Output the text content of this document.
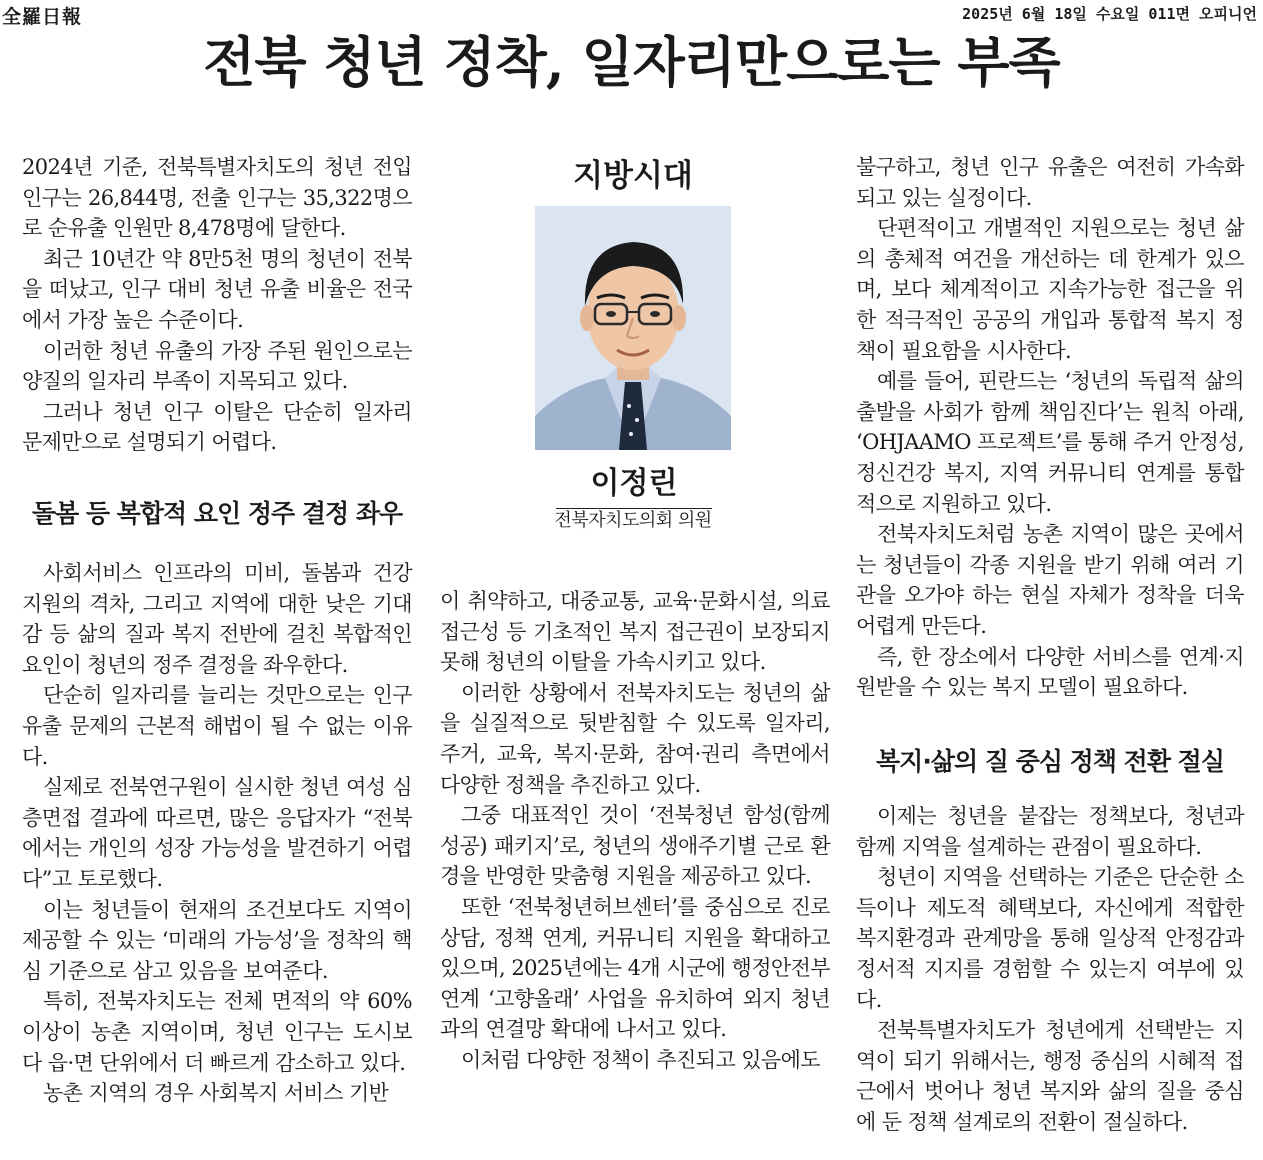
全羅日報	2025년 6월 18일 수요일 011면 오피니언
전북 청년 정착, 일자리만으로는 부족

2024년 기준, 전북특별자치도의 청년 전입 인구는 26,844명, 전출 인구는 35,322명으로 순유출 인원만 8,478명에 달한다.

최근 10년간 약 8만5천 명의 청년이 전북을 떠났고, 인구 대비 청년 유출 비율은 전국에서 가장 높은 수준이다.

이러한 청년 유출의 가장 주된 원인으로는 양질의 일자리 부족이 지목되고 있다.

그러나 청년 인구 이탈은 단순히 일자리 문제만으로 설명되기 어렵다.

돌봄 등 복합적 요인 정주 결정 좌우

사회서비스 인프라의 미비, 돌봄과 건강 지원의 격차, 그리고 지역에 대한 낮은 기대감 등 삶의 질과 복지 전반에 걸친 복합적인 요인이 청년의 정주 결정을 좌우한다.

단순히 일자리를 늘리는 것만으로는 인구 유출 문제의 근본적 해법이 될 수 없는 이유다.

실제로 전북연구원이 실시한 청년 여성 심층면접 결과에 따르면, 많은 응답자가 “전북에서는 개인의 성장 가능성을 발견하기 어렵다”고 토로했다.

이는 청년들이 현재의 조건보다도 지역이 제공할 수 있는 ‘미래의 가능성’을 정착의 핵심 기준으로 삼고 있음을 보여준다.

특히, 전북자치도는 전체 면적의 약 60% 이상이 농촌 지역이며, 청년 인구는 도시보다 읍·면 단위에서 더 빠르게 감소하고 있다.

농촌 지역의 경우 사회복지 서비스 기반

지방시대
이정린
전북자치도의회 의원

이 취약하고, 대중교통, 교육·문화시설, 의료 접근성 등 기초적인 복지 접근권이 보장되지 못해 청년의 이탈을 가속시키고 있다.

이러한 상황에서 전북자치도는 청년의 삶을 실질적으로 뒷받침할 수 있도록 일자리, 주거, 교육, 복지·문화, 참여·권리 측면에서 다양한 정책을 추진하고 있다.

그중 대표적인 것이 ‘전북청년 함성(함께 성공) 패키지’로, 청년의 생애주기별 근로 환경을 반영한 맞춤형 지원을 제공하고 있다.

또한 ‘전북청년허브센터’를 중심으로 진로상담, 정책 연계, 커뮤니티 지원을 확대하고 있으며, 2025년에는 4개 시군에 행정안전부 연계 ‘고향올래’ 사업을 유치하여 외지 청년과의 연결망 확대에 나서고 있다.

이처럼 다양한 정책이 추진되고 있음에도

불구하고, 청년 인구 유출은 여전히 가속화되고 있는 실정이다.

단편적이고 개별적인 지원으로는 청년 삶의 총체적 여건을 개선하는 데 한계가 있으며, 보다 체계적이고 지속가능한 접근을 위한 적극적인 공공의 개입과 통합적 복지 정책이 필요함을 시사한다.

예를 들어, 핀란드는 ‘청년의 독립적 삶의 출발을 사회가 함께 책임진다’는 원칙 아래, ‘OHJAAMO 프로젝트’를 통해 주거 안정성, 정신건강 복지, 지역 커뮤니티 연계를 통합적으로 지원하고 있다.

전북자치도처럼 농촌 지역이 많은 곳에서는 청년들이 각종 지원을 받기 위해 여러 기관을 오가야 하는 현실 자체가 정착을 더욱 어렵게 만든다.

즉, 한 장소에서 다양한 서비스를 연계·지원받을 수 있는 복지 모델이 필요하다.

복지·삶의 질 중심 정책 전환 절실

이제는 청년을 붙잡는 정책보다, 청년과 함께 지역을 설계하는 관점이 필요하다.

청년이 지역을 선택하는 기준은 단순한 소득이나 제도적 혜택보다, 자신에게 적합한 복지환경과 관계망을 통해 일상적 안정감과 정서적 지지를 경험할 수 있는지 여부에 있다.

전북특별자치도가 청년에게 선택받는 지역이 되기 위해서는, 행정 중심의 시혜적 접근에서 벗어나 청년 복지와 삶의 질을 중심에 둔 정책 설계로의 전환이 절실하다.
